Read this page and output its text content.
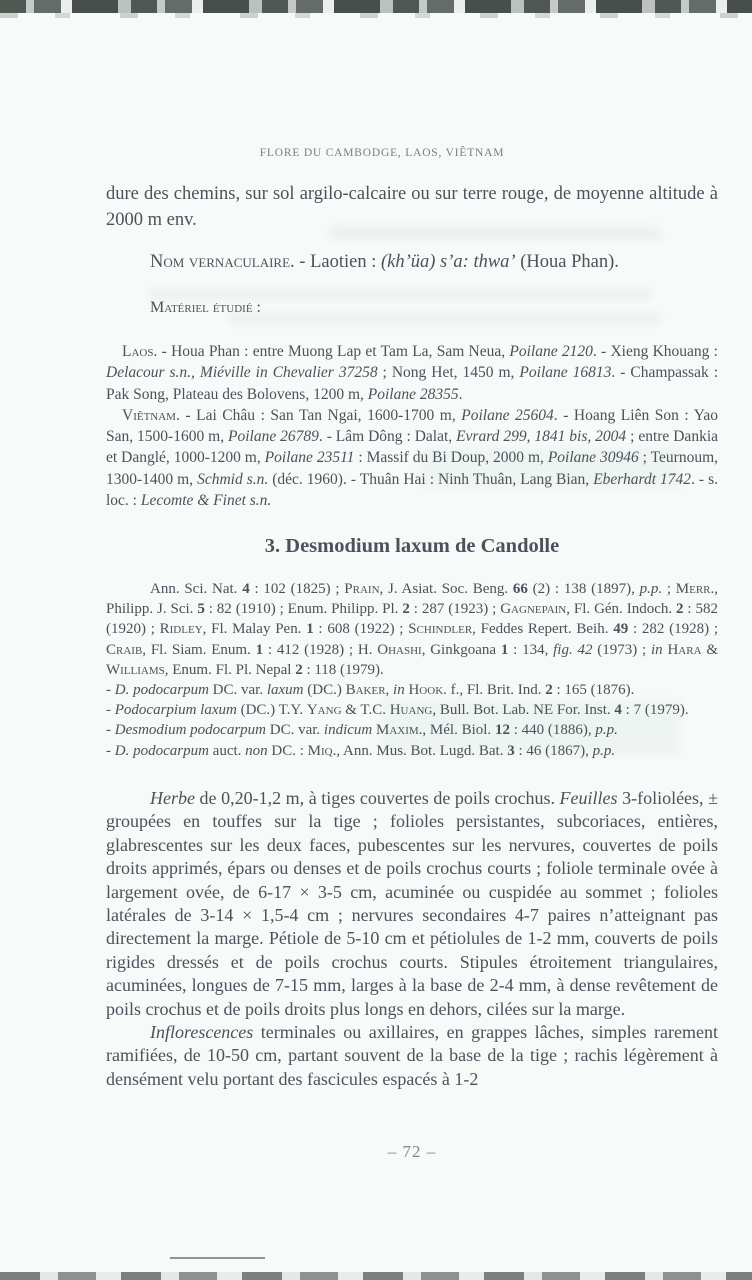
FLORE DU CAMBODGE, LAOS, VIÊTNAM

dure des chemins, sur sol argilo-calcaire ou sur terre rouge, de moyenne altitude à 2000 m env.

Nom vernaculaire. - Laotien : (kh’üa) s’a: thwa’ (Houa Phan).

Matériel étudié :

Laos. - Houa Phan : entre Muong Lap et Tam La, Sam Neua, Poilane 2120. - Xieng Khouang : Delacour s.n., Miéville in Chevalier 37258 ; Nong Het, 1450 m, Poilane 16813. - Champassak : Pak Song, Plateau des Bolovens, 1200 m, Poilane 28355.

Viêtnam. - Lai Châu : San Tan Ngai, 1600-1700 m, Poilane 25604. - Hoang Liên Son : Yao San, 1500-1600 m, Poilane 26789. - Lâm Dông : Dalat, Evrard 299, 1841 bis, 2004 ; entre Dankia et Danglé, 1000-1200 m, Poilane 23511 : Massif du Bi Doup, 2000 m, Poilane 30946 ; Teurnoum, 1300-1400 m, Schmid s.n. (déc. 1960). - Thuân Hai : Ninh Thuân, Lang Bian, Eberhardt 1742. - s. loc. : Lecomte & Finet s.n.

3. Desmodium laxum de Candolle

Ann. Sci. Nat. 4 : 102 (1825) ; Prain, J. Asiat. Soc. Beng. 66 (2) : 138 (1897), p.p. ; Merr., Philipp. J. Sci. 5 : 82 (1910) ; Enum. Philipp. Pl. 2 : 287 (1923) ; Gagnepain, Fl. Gén. Indoch. 2 : 582 (1920) ; Ridley, Fl. Malay Pen. 1 : 608 (1922) ; Schindler, Feddes Repert. Beih. 49 : 282 (1928) ; Craib, Fl. Siam. Enum. 1 : 412 (1928) ; H. Ohashi, Ginkgoana 1 : 134, fig. 42 (1973) ; in Hara & Williams, Enum. Fl. Pl. Nepal 2 : 118 (1979).

- D. podocarpum DC. var. laxum (DC.) Baker, in Hook. f., Fl. Brit. Ind. 2 : 165 (1876).

- Podocarpium laxum (DC.) T.Y. Yang & T.C. Huang, Bull. Bot. Lab. NE For. Inst. 4 : 7 (1979).

- Desmodium podocarpum DC. var. indicum Maxim., Mél. Biol. 12 : 440 (1886), p.p.

- D. podocarpum auct. non DC. : Miq., Ann. Mus. Bot. Lugd. Bat. 3 : 46 (1867), p.p.

Herbe de 0,20-1,2 m, à tiges couvertes de poils crochus. Feuilles 3-foliolées, ± groupées en touffes sur la tige ; folioles persistantes, subcoriaces, entières, glabrescentes sur les deux faces, pubescentes sur les nervures, couvertes de poils droits apprimés, épars ou denses et de poils crochus courts ; foliole terminale ovée à largement ovée, de 6-17 × 3-5 cm, acuminée ou cuspidée au sommet ; folioles latérales de 3-14 × 1,5-4 cm ; nervures secondaires 4-7 paires n’atteignant pas directement la marge. Pétiole de 5-10 cm et pétiolules de 1-2 mm, couverts de poils rigides dressés et de poils crochus courts. Stipules étroitement triangulaires, acuminées, longues de 7-15 mm, larges à la base de 2-4 mm, à dense revêtement de poils crochus et de poils droits plus longs en dehors, cilées sur la marge.

Inflorescences terminales ou axillaires, en grappes lâches, simples rarement ramifiées, de 10-50 cm, partant souvent de la base de la tige ; rachis légèrement à densément velu portant des fascicules espacés à 1-2

– 72 –
